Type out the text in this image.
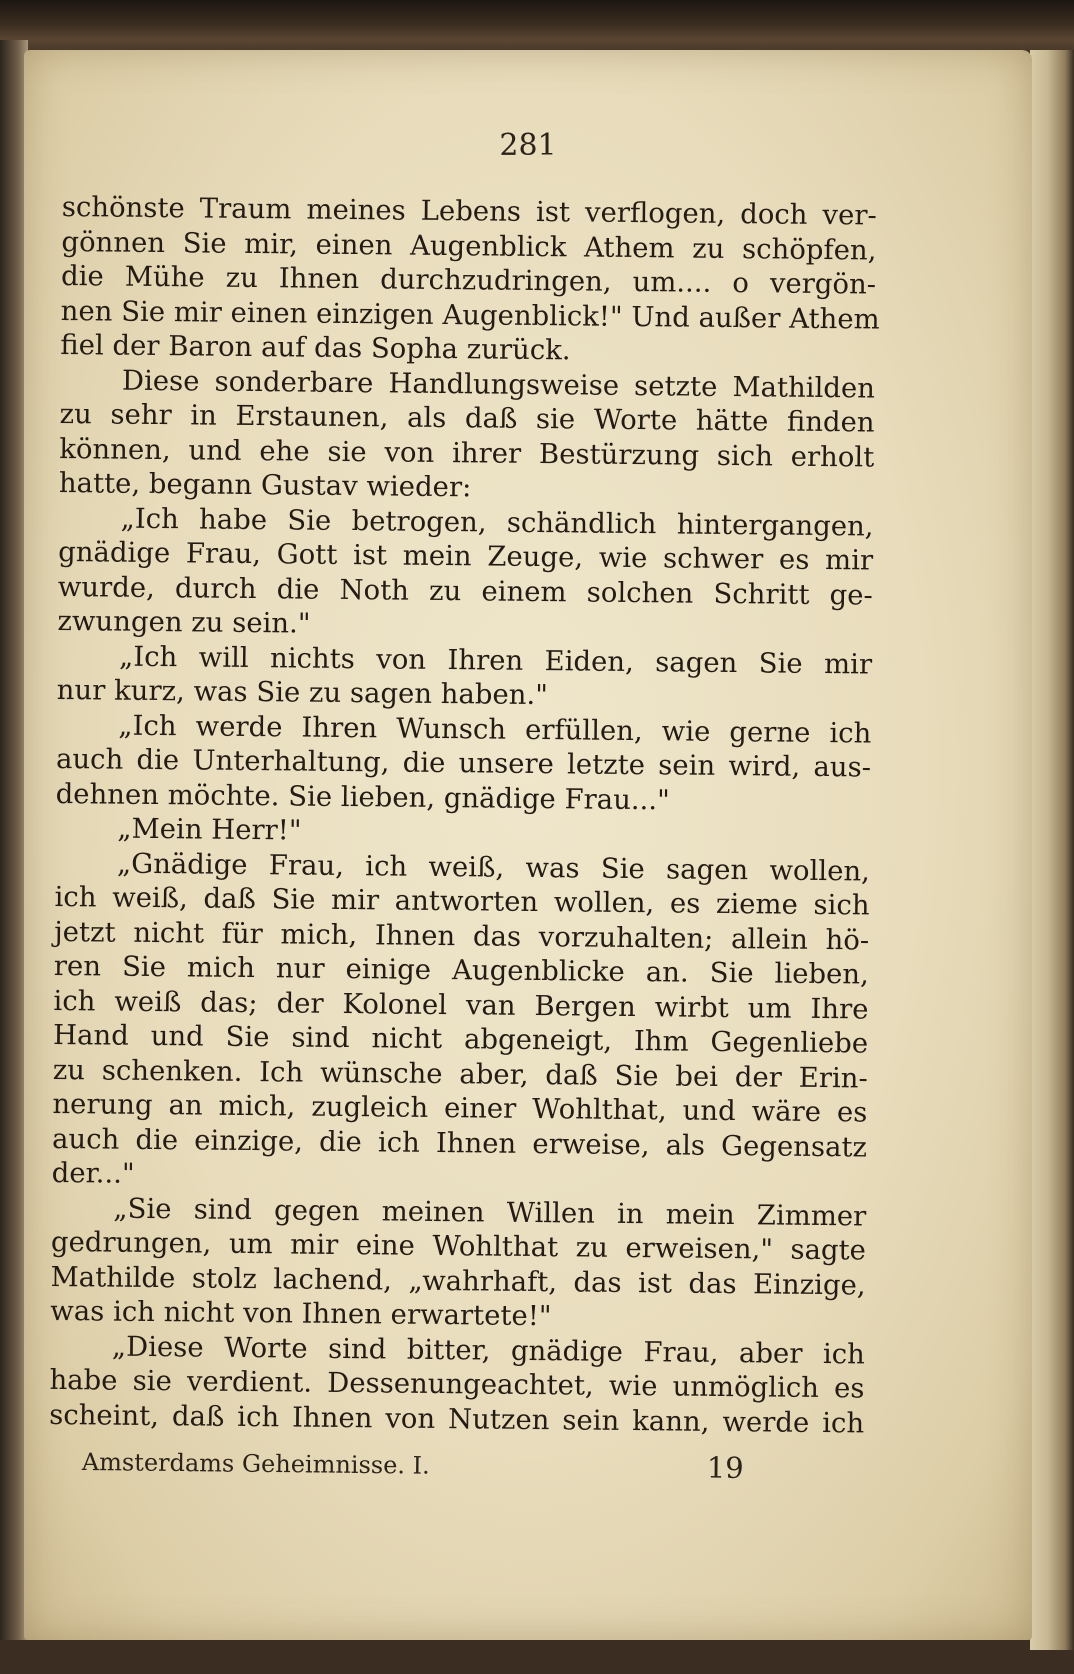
281
schönste Traum meines Lebens ist verflogen, doch ver-
gönnen Sie mir, einen Augenblick Athem zu schöpfen,
die Mühe zu Ihnen durchzudringen, um.... o vergön-
nen Sie mir einen einzigen Augenblick!" Und außer Athem
fiel der Baron auf das Sopha zurück.
Diese sonderbare Handlungsweise setzte Mathilden
zu sehr in Erstaunen, als daß sie Worte hätte finden
können, und ehe sie von ihrer Bestürzung sich erholt
hatte, begann Gustav wieder:
„Ich habe Sie betrogen, schändlich hintergangen,
gnädige Frau, Gott ist mein Zeuge, wie schwer es mir
wurde, durch die Noth zu einem solchen Schritt ge-
zwungen zu sein."
„Ich will nichts von Ihren Eiden, sagen Sie mir
nur kurz, was Sie zu sagen haben."
„Ich werde Ihren Wunsch erfüllen, wie gerne ich
auch die Unterhaltung, die unsere letzte sein wird, aus-
dehnen möchte. Sie lieben, gnädige Frau..."
„Mein Herr!"
„Gnädige Frau, ich weiß, was Sie sagen wollen,
ich weiß, daß Sie mir antworten wollen, es zieme sich
jetzt nicht für mich, Ihnen das vorzuhalten; allein hö-
ren Sie mich nur einige Augenblicke an. Sie lieben,
ich weiß das; der Kolonel van Bergen wirbt um Ihre
Hand und Sie sind nicht abgeneigt, Ihm Gegenliebe
zu schenken. Ich wünsche aber, daß Sie bei der Erin-
nerung an mich, zugleich einer Wohlthat, und wäre es
auch die einzige, die ich Ihnen erweise, als Gegensatz
der..."
„Sie sind gegen meinen Willen in mein Zimmer
gedrungen, um mir eine Wohlthat zu erweisen," sagte
Mathilde stolz lachend, „wahrhaft, das ist das Einzige,
was ich nicht von Ihnen erwartete!"
„Diese Worte sind bitter, gnädige Frau, aber ich
habe sie verdient. Dessenungeachtet, wie unmöglich es
scheint, daß ich Ihnen von Nutzen sein kann, werde ich
Amsterdams Geheimnisse. I.	19
